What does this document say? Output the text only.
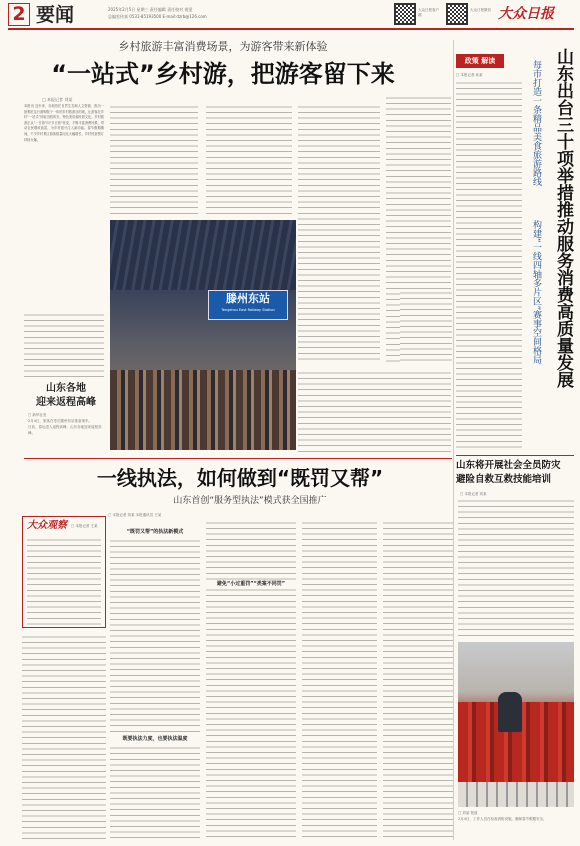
2 要闻	2025年2月5日 星期三 责任编辑 责任校对 视觉
总编室传真 0531-85193500 E-mail:dzrb@126.com
大众日报客户端
大众日报微信 大众日报
乡村旅游丰富消费场景，为游客带来新体验
“一站式”乡村游，把游客留下来
□ 本报记者 刘某
本报讯 近年来，各地依托自然生态和人文资源，推出一批集吃住行游购娱于一体的乡村旅游目的地，让游客在乡村“一站式”体验田园风光、特色美食和民俗文化。乡村旅游正从“一日游”向“多日游”转变，不断丰富消费场景，带动农民增收致富，为乡村振兴注入新动能。春节假期期间，不少乡村景区游客数量同比大幅增长，乡村民宿预订持续火爆。
滕州东站
Tengzhou East Railway Station
山东各地
迎来返程高峰
□ 新华社发
2月4日，旅客在枣庄滕州东站准备乘车。
日前，春运进入返程高峰，山东各地迎来返程高峰。
一线执法，如何做到“既罚又帮”
山东首创“服务型执法”模式获全国推广
□ 本报记者 刘某 本报通讯员 王某
大众观察 □ 本报记者 王某
“既罚又帮”的执法新模式
避免“小过重罚”“类案不同罚”
既要执法力度，也要执法温度
政策 解读	山东出台三十项举措推动服务消费高质量发展
每市打造一条精品美食旅游路线
构建“一线四轴多片区”赛事空间格局
□ 本报记者 孙某
山东将开展社会全员防灾
避险自救互救技能培训
□ 本报记者 刘某
□ 刘某 报道
2月4日，工作人员在检查消防设施，确保春节假期安全。
